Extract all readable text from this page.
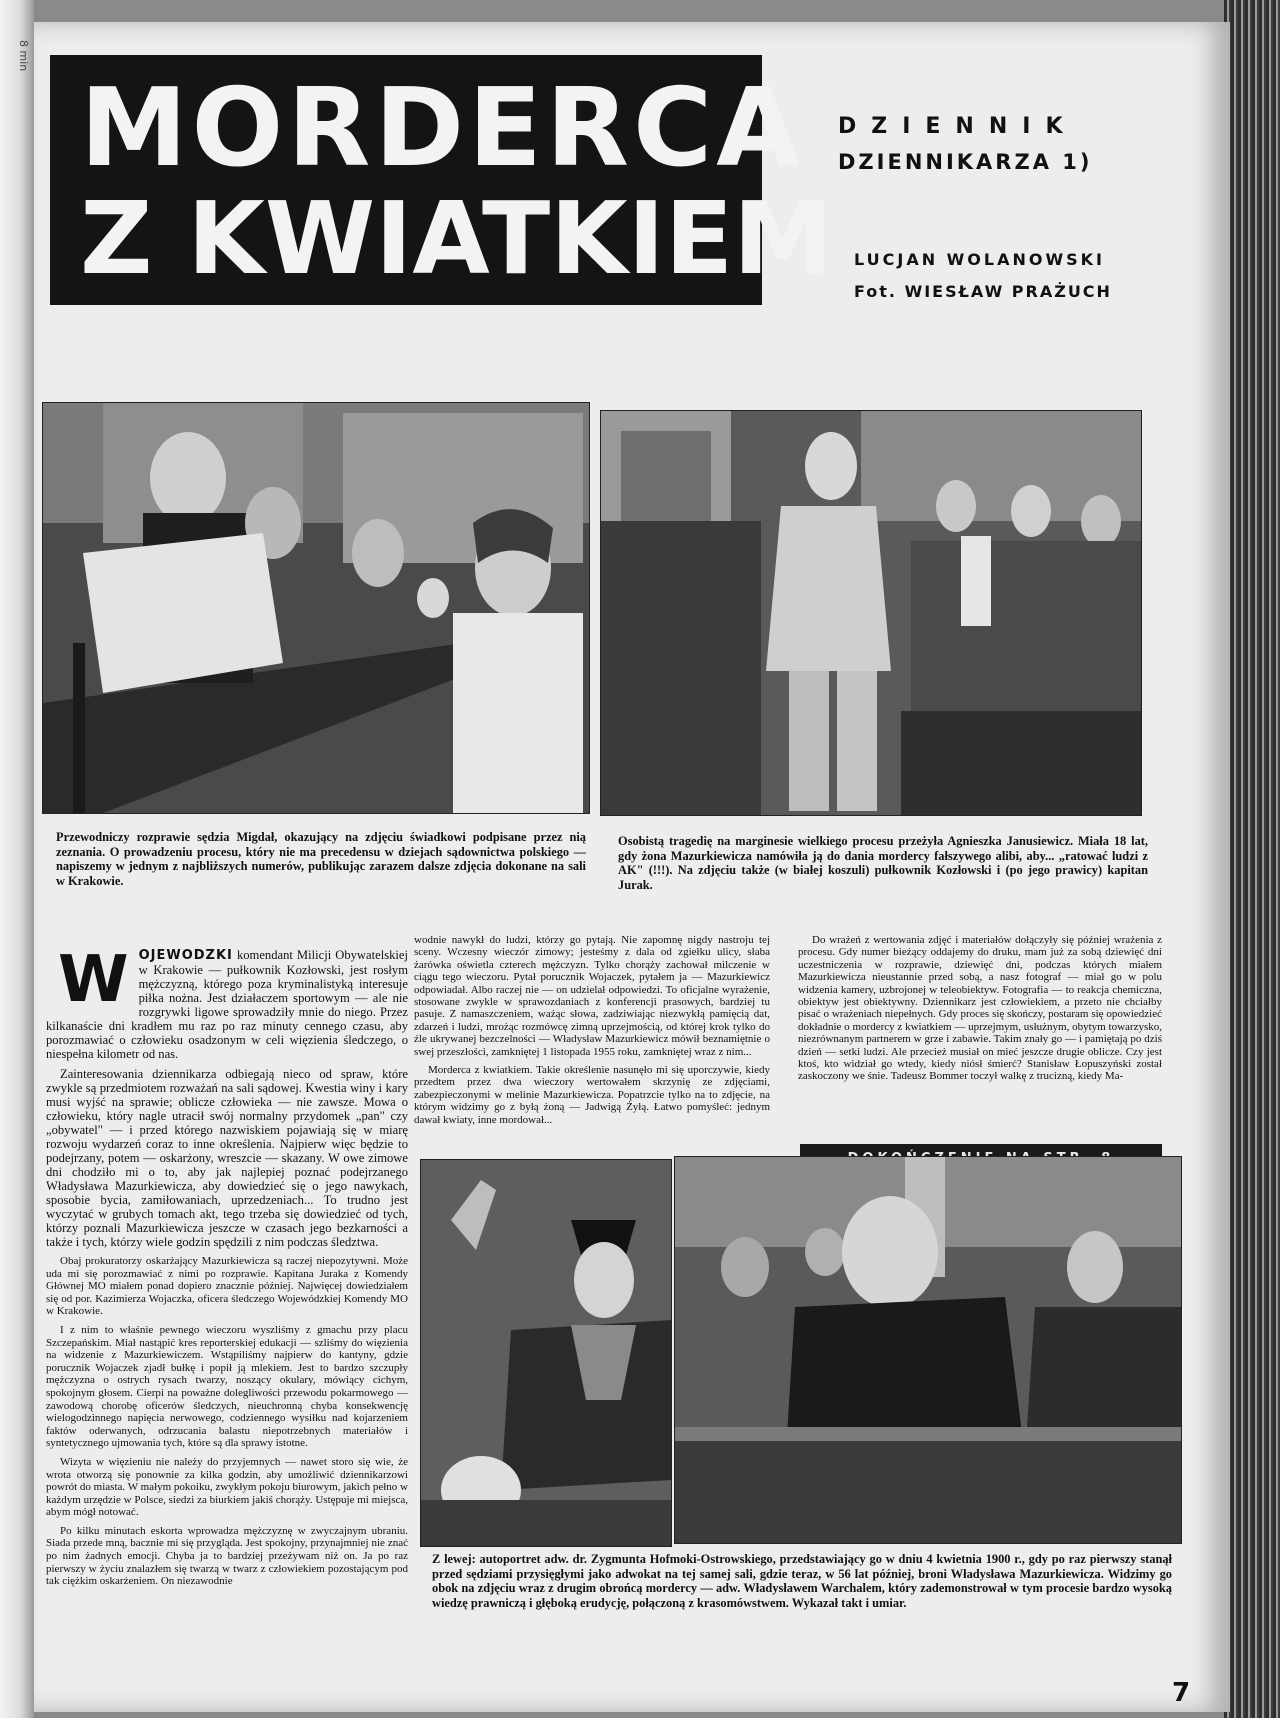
8 min
MORDERCA
Z KWIATKIEM
DZIENNIK
DZIENNIKARZA 1)
LUCJAN WOLANOWSKI
Fot. WIESŁAW PRAŻUCH
Przewodniczy rozprawie sędzia Migdał, okazujący na zdjęciu świadkowi podpisane przez nią zeznania. O prowadzeniu procesu, który nie ma precedensu w dziejach sądownictwa polskiego — napiszemy w jednym z najbliższych numerów, publikując zarazem dalsze zdjęcia dokonane na sali w Krakowie.
Osobistą tragedię na marginesie wielkiego procesu przeżyła Agnieszka Janusiewicz. Miała 18 lat, gdy żona Mazurkiewicza namówiła ją do dania mordercy fałszywego alibi, aby... „ratować ludzi z AK" (!!!). Na zdjęciu także (w białej koszuli) pułkownik Kozłowski i (po jego prawicy) kapitan Jurak.

W OJEWÓDZKI komendant Milicji Obywatelskiej w Krakowie — pułkownik Kozłowski, jest rosłym mężczyzną, którego poza kryminalistyką interesuje piłka nożna. Jest działaczem sportowym — ale nie rozgrywki ligowe sprowadziły mnie do niego. Przez kilkanaście dni kradłem mu raz po raz minuty cennego czasu, aby porozmawiać o człowieku osadzonym w celi więzienia śledczego, o niespełna kilometr od nas.

Zainteresowania dziennikarza odbiegają nieco od spraw, które zwykle są przedmiotem rozważań na sali sądowej. Kwestia winy i kary musi wyjść na sprawie; oblicze człowieka — nie zawsze. Mowa o człowieku, który nagle utracił swój normalny przydomek „pan" czy „obywatel" — i przed którego nazwiskiem pojawiają się w miarę rozwoju wydarzeń coraz to inne określenia. Najpierw więc będzie to podejrzany, potem — oskarżony, wreszcie — skazany. W owe zimowe dni chodziło mi o to, aby jak najlepiej poznać podejrzanego Władysława Mazurkiewicza, aby dowiedzieć się o jego nawykach, sposobie bycia, zamiłowaniach, uprzedzeniach... To trudno jest wyczytać w grubych tomach akt, tego trzeba się dowiedzieć od tych, którzy poznali Mazurkiewicza jeszcze w czasach jego bezkarności a także i tych, którzy wiele godzin spędzili z nim podczas śledztwa.

Obaj prokuratorzy oskarżający Mazurkiewicza są raczej niepozytywni. Może uda mi się porozmawiać z nimi po rozprawie. Kapitana Juraka z Komendy Głównej MO miałem ponad dopiero znacznie później. Najwięcej dowiedziałem się od por. Kazimierza Wojaczka, oficera śledczego Wojewódzkiej Komendy MO w Krakowie.

I z nim to właśnie pewnego wieczoru wyszliśmy z gmachu przy placu Szczepańskim. Miał nastąpić kres reporterskiej edukacji — szliśmy do więzienia na widzenie z Mazurkiewiczem. Wstąpiliśmy najpierw do kantyny, gdzie porucznik Wojaczek zjadł bułkę i popił ją mlekiem. Jest to bardzo szczupły mężczyzna o ostrych rysach twarzy, noszący okulary, mówiący cichym, spokojnym głosem. Cierpi na poważne dolegliwości przewodu pokarmowego — zawodową chorobę oficerów śledczych, nieuchronną chyba konsekwencję wielogodzinnego napięcia nerwowego, codziennego wysiłku nad kojarzeniem faktów oderwanych, odrzucania balastu niepotrzebnych materiałów i syntetycznego ujmowania tych, które są dla sprawy istotne.

Wizyta w więzieniu nie należy do przyjemnych — nawet storo się wie, że wrota otworzą się ponownie za kilka godzin, aby umożliwić dziennikarzowi powrót do miasta. W małym pokoiku, zwykłym pokoju biurowym, jakich pełno w każdym urzędzie w Polsce, siedzi za biurkiem jakiś chorąży. Ustępuje mi miejsca, abym mógł notować.

Po kilku minutach eskorta wprowadza mężczyznę w zwyczajnym ubraniu. Siada przede mną, bacznie mi się przygląda. Jest spokojny, przynajmniej nie znać po nim żadnych emocji. Chyba ja to bardziej przeżywam niż on. Ja po raz pierwszy w życiu znalazłem się twarzą w twarz z człowiekiem pozostającym pod tak ciężkim oskarżeniem. On niezawodnie

wodnie nawykł do ludzi, którzy go pytają. Nie zapomnę nigdy nastroju tej sceny. Wczesny wieczór zimowy; jesteśmy z dala od zgiełku ulicy, słaba żarówka oświetla czterech mężczyzn. Tylko chorąży zachował milczenie w ciągu tego wieczoru. Pytał porucznik Wojaczek, pytałem ja — Mazurkiewicz odpowiadał. Albo raczej nie — on udzielał odpowiedzi. To oficjalne wyrażenie, stosowane zwykle w sprawozdaniach z konferencji prasowych, bardziej tu pasuje. Z namaszczeniem, ważąc słowa, zadziwiając niezwykłą pamięcią dat, zdarzeń i ludzi, mrożąc rozmówcę zimną uprzejmością, od której krok tylko do źle ukrywanej bezczelności — Władysław Mazurkiewicz mówił beznamiętnie o swej przeszłości, zamkniętej 1 listopada 1955 roku, zamkniętej wraz z nim...

Morderca z kwiatkiem. Takie określenie nasunęło mi się uporczywie, kiedy przedtem przez dwa wieczory wertowałem skrzynię ze zdjęciami, zabezpieczonymi w melinie Mazurkiewicza. Popatrzcie tylko na to zdjęcie, na którym widzimy go z byłą żoną — Jadwigą Żyłą. Łatwo pomyśleć: jednym dawał kwiaty, inne mordował...

Do wrażeń z wertowania zdjęć i materiałów dołączyły się później wrażenia z procesu. Gdy numer bieżący oddajemy do druku, mam już za sobą dziewięć dni uczestniczenia w rozprawie, dziewięć dni, podczas których miałem Mazurkiewicza nieustannie przed sobą, a nasz fotograf — miał go w polu widzenia kamery, uzbrojonej w teleobiektyw. Fotografia — to reakcja chemiczna, obiektyw jest obiektywny. Dziennikarz jest człowiekiem, a przeto nie chciałby pisać o wrażeniach niepełnych. Gdy proces się skończy, postaram się opowiedzieć dokładnie o mordercy z kwiatkiem — uprzejmym, usłużnym, obytym towarzysko, niezrównanym partnerem w grze i zabawie. Takim znały go — i pamiętają po dziś dzień — setki ludzi. Ale przecież musiał on mieć jeszcze drugie oblicze. Czy jest ktoś, kto widział go wtedy, kiedy niósł śmierć? Stanisław Łopuszyński został zaskoczony we śnie. Tadeusz Bommer toczył walkę z trucizną, kiedy Ma-

Z lewej: autoportret adw. dr. Zygmunta Hofmoki-Ostrowskiego, przedstawiający go w dniu 4 kwietnia 1900 r., gdy po raz pierwszy stanął przed sędziami przysięgłymi jako adwokat na tej samej sali, gdzie teraz, w 56 lat później, broni Władysława Mazurkiewicza. Widzimy go obok na zdjęciu wraz z drugim obrońcą mordercy — adw. Władysławem Warchalem, który zademonstrował w tym procesie bardzo wysoką wiedzę prawniczą i głęboką erudycję, połączoną z krasomówstwem. Wykazał takt i umiar.
7
